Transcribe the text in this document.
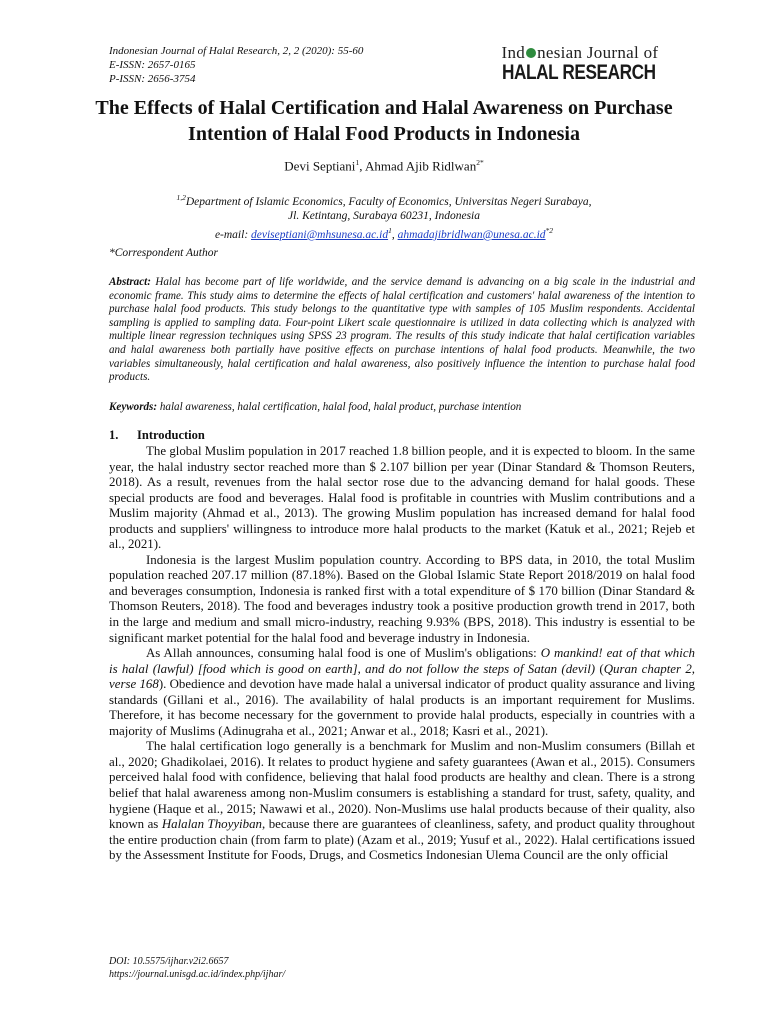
Indonesian Journal of Halal Research, 2, 2 (2020): 55-60
E-ISSN: 2657-0165
P-ISSN: 2656-3754
Ind nesian Journal of
HALAL RESEARCH
The Effects of Halal Certification and Halal Awareness on Purchase Intention of Halal Food Products in Indonesia
Devi Septiani$^1$, Ahmad Ajib Ridlwan$^{2*}$
$^{1,2}$Department of Islamic Economics, Faculty of Economics, Universitas Negeri Surabaya,
Jl. Ketintang, Surabaya 60231, Indonesia
e-mail: $deviseptiani@mhsunesa.ac.id^1$, $ahmadajibridlwan@unesa.ac.id^{*2}$
*Correspondent Author
Abstract: Halal has become part of life worldwide, and the service demand is advancing on a big scale in the industrial and economic frame. This study aims to determine the effects of halal certification and customers' halal awareness of the intention to purchase halal food products. This study belongs to the quantitative type with samples of 105 Muslim respondents. Accidental sampling is applied to sampling data. Four-point Likert scale questionnaire is utilized in data collecting which is analyzed with multiple linear regression techniques using SPSS 23 program. The results of this study indicate that halal certification variables and halal awareness both partially have positive effects on purchase intentions of halal food products. Meanwhile, the two variables simultaneously, halal certification and halal awareness, also positively influence the intention to purchase halal food products.
Keywords: halal awareness, halal certification, halal food, halal product, purchase intention
1. Introduction

The global Muslim population in 2017 reached 1.8 billion people, and it is expected to bloom. In the same year, the halal industry sector reached more than $ 2.107 billion per year (Dinar Standard & Thomson Reuters, 2018). As a result, revenues from the halal sector rose due to the advancing demand for halal goods. These special products are food and beverages. Halal food is profitable in countries with Muslim contributions and a Muslim majority (Ahmad et al., 2013). The growing Muslim population has increased demand for halal food products and suppliers' willingness to introduce more halal products to the market (Katuk et al., 2021; Rejeb et al., 2021).

Indonesia is the largest Muslim population country. According to BPS data, in 2010, the total Muslim population reached 207.17 million (87.18%). Based on the Global Islamic State Report 2018/2019 on halal food and beverages consumption, Indonesia is ranked first with a total expenditure of $ 170 billion (Dinar Standard & Thomson Reuters, 2018). The food and beverages industry took a positive production growth trend in 2017, both in the large and medium and small micro-industry, reaching 9.93% (BPS, 2018). This industry is essential to be significant market potential for the halal food and beverage industry in Indonesia.

As Allah announces, consuming halal food is one of Muslim's obligations: O mankind! eat of that which is halal (lawful) [food which is good on earth], and do not follow the steps of Satan (devil) (Quran chapter 2, verse 168). Obedience and devotion have made halal a universal indicator of product quality assurance and living standards (Gillani et al., 2016). The availability of halal products is an important requirement for Muslims. Therefore, it has become necessary for the government to provide halal products, especially in countries with a majority of Muslims (Adinugraha et al., 2021; Anwar et al., 2018; Kasri et al., 2021).

The halal certification logo generally is a benchmark for Muslim and non-Muslim consumers (Billah et al., 2020; Ghadikolaei, 2016). It relates to product hygiene and safety guarantees (Awan et al., 2015). Consumers perceived halal food with confidence, believing that halal food products are healthy and clean. There is a strong belief that halal awareness among non-Muslim consumers is establishing a standard for trust, safety, quality, and hygiene (Haque et al., 2015; Nawawi et al., 2020). Non-Muslims use halal products because of their quality, also known as Halalan Thoyyiban, because there are guarantees of cleanliness, safety, and product quality throughout the entire production chain (from farm to plate) (Azam et al., 2019; Yusuf et al., 2022). Halal certifications issued by the Assessment Institute for Foods, Drugs, and Cosmetics Indonesian Ulema Council are the only official

DOI: 10.5575/ijhar.v2i2.6657
https://journal.unisgd.ac.id/index.php/ijhar/
